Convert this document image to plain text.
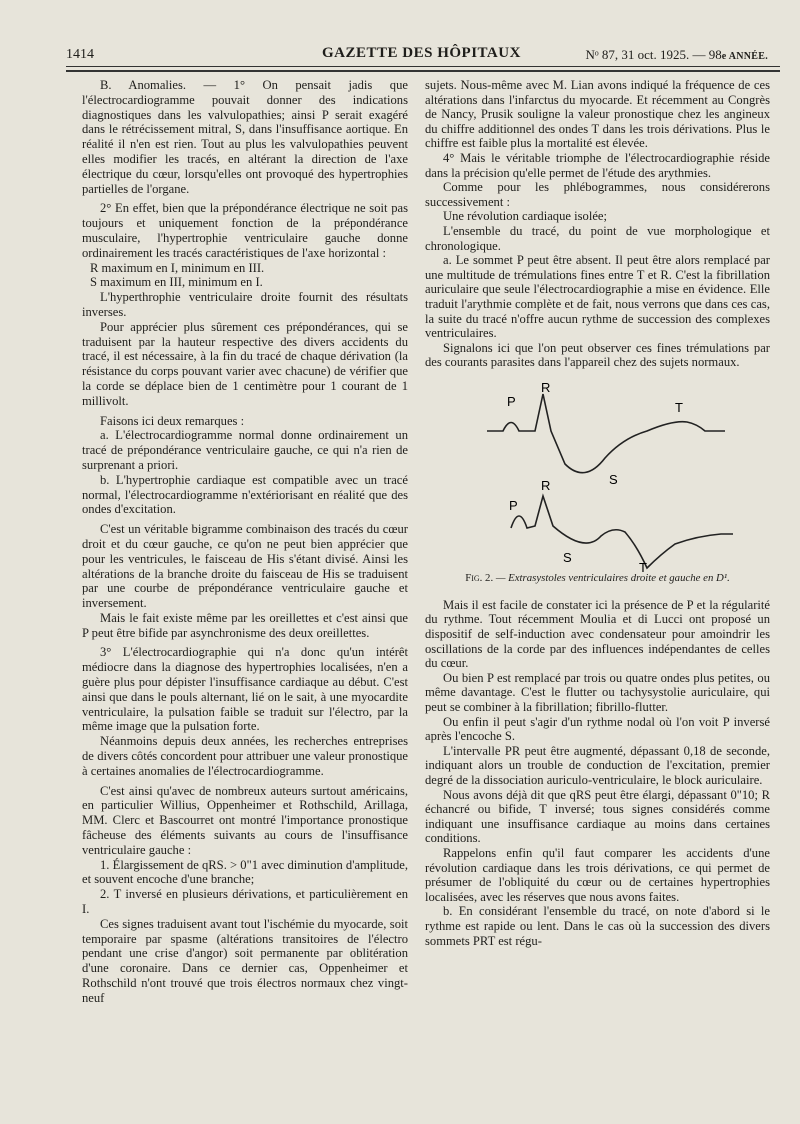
1414	GAZETTE DES HÔPITAUX	Nᵒ 87, 31 oct. 1925. — 98e ANNÉE.

B. Anomalies. — 1° On pensait jadis que l'électrocardiogramme pouvait donner des indications diagnostiques dans les valvulopathies; ainsi P serait exagéré dans le rétrécissement mitral, S, dans l'insuffisance aortique. En réalité il n'en est rien. Tout au plus les valvulopathies peuvent elles modifier les tracés, en altérant la direction de l'axe électrique du cœur, lorsqu'elles ont provoqué des hypertrophies partielles de l'organe.

2° En effet, bien que la prépondérance électrique ne soit pas toujours et uniquement fonction de la prépondérance musculaire, l'hypertrophie ventriculaire gauche donne ordinairement les tracés caractéristiques de l'axe horizontal :

R maximum en I, minimum en III.

S maximum en III, minimum en I.

L'hyperthrophie ventriculaire droite fournit des résultats inverses.

Pour apprécier plus sûrement ces prépondérances, qui se traduisent par la hauteur respective des divers accidents du tracé, il est nécessaire, à la fin du tracé de chaque dérivation (la résistance du corps pouvant varier avec chacune) de vérifier que la corde se déplace bien de 1 centimètre pour 1 courant de 1 millivolt.

Faisons ici deux remarques :

a. L'électrocardiogramme normal donne ordinairement un tracé de prépondérance ventriculaire gauche, ce qui n'a rien de surprenant a priori.

b. L'hypertrophie cardiaque est compatible avec un tracé normal, l'électrocardiogramme n'extériorisant en réalité que des ondes d'excitation.

C'est un véritable bigramme combinaison des tracés du cœur droit et du cœur gauche, ce qu'on ne peut bien apprécier que pour les ventricules, le faisceau de His s'étant divisé. Ainsi les altérations de la branche droite du faisceau de His se traduisent par une courbe de prépondérance ventriculaire gauche et inversement.

Mais le fait existe même par les oreillettes et c'est ainsi que P peut être bifide par asynchronisme des deux oreillettes.

3° L'électrocardiographie qui n'a donc qu'un intérêt médiocre dans la diagnose des hypertrophies localisées, n'en a guère plus pour dépister l'insuffisance cardiaque au début. C'est ainsi que dans le pouls alternant, lié on le sait, à une myocardite ventriculaire, la pulsation faible se traduit sur l'électro, par la même image que la pulsation forte.

Néanmoins depuis deux années, les recherches entreprises de divers côtés concordent pour attribuer une valeur pronostique à certaines anomalies de l'électrocardiogramme.

C'est ainsi qu'avec de nombreux auteurs surtout américains, en particulier Willius, Oppenheimer et Rothschild, Arillaga, MM. Clerc et Bascourret ont montré l'importance pronostique fâcheuse des éléments suivants au cours de l'insuffisance ventriculaire gauche :

1. Élargissement de qRS. > 0"1 avec diminution d'amplitude, et souvent encoche d'une branche;

2. T inversé en plusieurs dérivations, et particulièrement en I.

Ces signes traduisent avant tout l'ischémie du myocarde, soit temporaire par spasme (altérations transitoires de l'électro pendant une crise d'angor) soit permanente par oblitération d'une coronaire. Dans ce dernier cas, Oppenheimer et Rothschild n'ont trouvé que trois électros normaux chez vingt-neuf

sujets. Nous-même avec M. Lian avons indiqué la fréquence de ces altérations dans l'infarctus du myocarde. Et récemment au Congrès de Nancy, Prusik souligne la valeur pronostique chez les angineux du chiffre additionnel des ondes T dans les trois dérivations. Plus le chiffre est faible plus la mortalité est élevée.

4° Mais le véritable triomphe de l'électrocardiographie réside dans la précision qu'elle permet de l'étude des arythmies.

Comme pour les phlébogrammes, nous considérerons successivement :

Une révolution cardiaque isolée;

L'ensemble du tracé, du point de vue morphologique et chronologique.

a. Le sommet P peut être absent. Il peut être alors remplacé par une multitude de trémulations fines entre T et R. C'est la fibrillation auriculaire que seule l'électrocardiographie a mise en évidence. Elle traduit l'arythmie complète et de fait, nous verrons que dans ces cas, la suite du tracé n'offre aucun rythme de succession des complexes ventriculaires.

Signalons ici que l'on peut observer ces fines trémulations par des courants parasites dans l'appareil chez des sujets normaux.

P
R
T
S
R
P
S
T
Fig. 2. — Extrasystoles ventriculaires droite et gauche en D¹.

Mais il est facile de constater ici la présence de P et la régularité du rythme. Tout récemment Moulia et di Lucci ont proposé un dispositif de self-induction avec condensateur pour amoindrir les oscillations de la corde par des influences indépendantes de celles du cœur.

Ou bien P est remplacé par trois ou quatre ondes plus petites, ou même davantage. C'est le flutter ou tachysystolie auriculaire, qui peut se combiner à la fibrillation; fibrillo-flutter.

Ou enfin il peut s'agir d'un rythme nodal où l'on voit P inversé après l'encoche S.

L'intervalle PR peut être augmenté, dépassant 0,18 de seconde, indiquant alors un trouble de conduction de l'excitation, premier degré de la dissociation auriculo-ventriculaire, le block auriculaire.

Nous avons déjà dit que qRS peut être élargi, dépassant 0"10; R échancré ou bifide, T inversé; tous signes considérés comme indiquant une insuffisance cardiaque au moins dans certaines conditions.

Rappelons enfin qu'il faut comparer les accidents d'une révolution cardiaque dans les trois dérivations, ce qui permet de présumer de l'obliquité du cœur ou de certaines hypertrophies localisées, avec les réserves que nous avons faites.

b. En considérant l'ensemble du tracé, on note d'abord si le rythme est rapide ou lent. Dans le cas où la succession des divers sommets PRT est régu-
